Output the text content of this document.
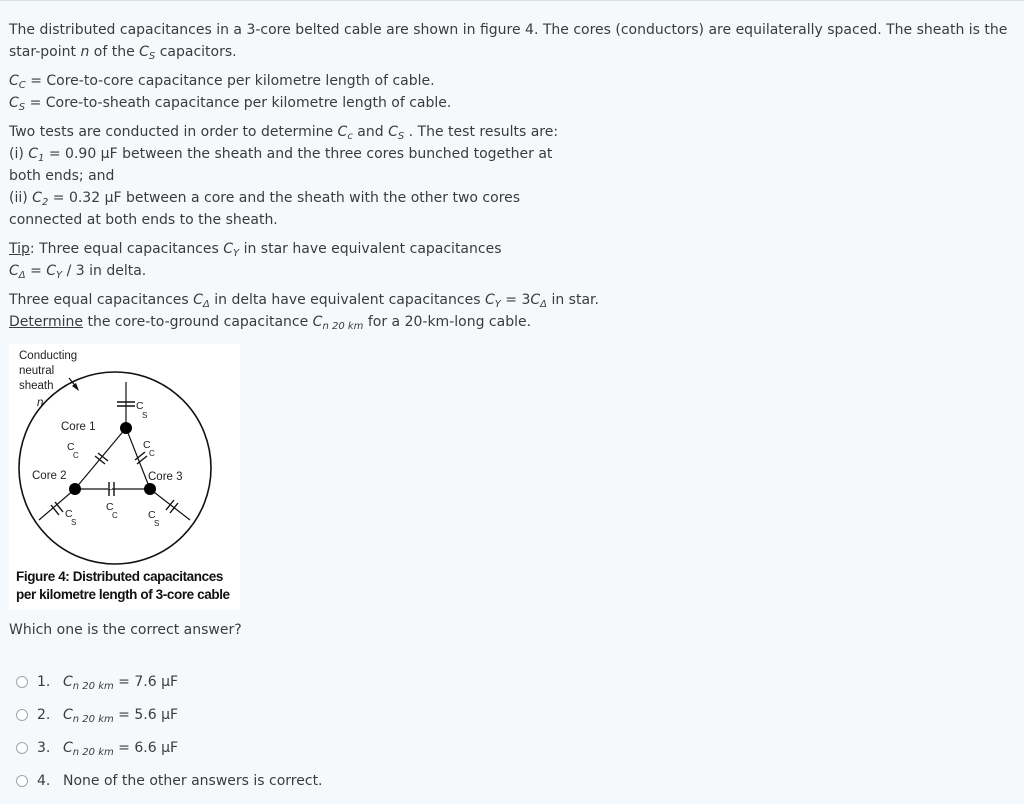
The distributed capacitances in a 3-core belted cable are shown in figure 4. The cores (conductors) are equilaterally spaced. The sheath is the star-point n of the $C_S$ capacitors.

$C_C$ = Core-to-core capacitance per kilometre length of cable.
$C_S$ = Core-to-sheath capacitance per kilometre length of cable.

Two tests are conducted in order to determine $C_c$ and $C_S$ . The test results are:
(i) $C_1 = 0.90$ μF between the sheath and the three cores bunched together at
both ends; and
(ii) $C_2 = 0.32$ μF between a core and the sheath with the other two cores
connected at both ends to the sheath.

Tip: Three equal capacitances $C_Y$ in star have equivalent capacitances
$C_\Delta = C_Y / 3$ in delta.

Three equal capacitances $C_\Delta$ in delta have equivalent capacitances $C_Y = 3C_\Delta$ in star.
Determine the core-to-ground capacitance $C_{n 20 km}$ for a 20-km-long cable.

Conducting
neutral
sheath
n
Core 1
Core 2	Core 3
C
S
C
C
C
C
C
C
C
S
C
S
Figure 4: Distributed capacitances
per kilometre length of 3-core cable
Which one is the correct answer?
1. $C_{n 20 km} = 7.6$ μF
2. $C_{n 20 km} = 5.6$ μF
3. $C_{n 20 km} = 6.6$ μF
4. None of the other answers is correct.
